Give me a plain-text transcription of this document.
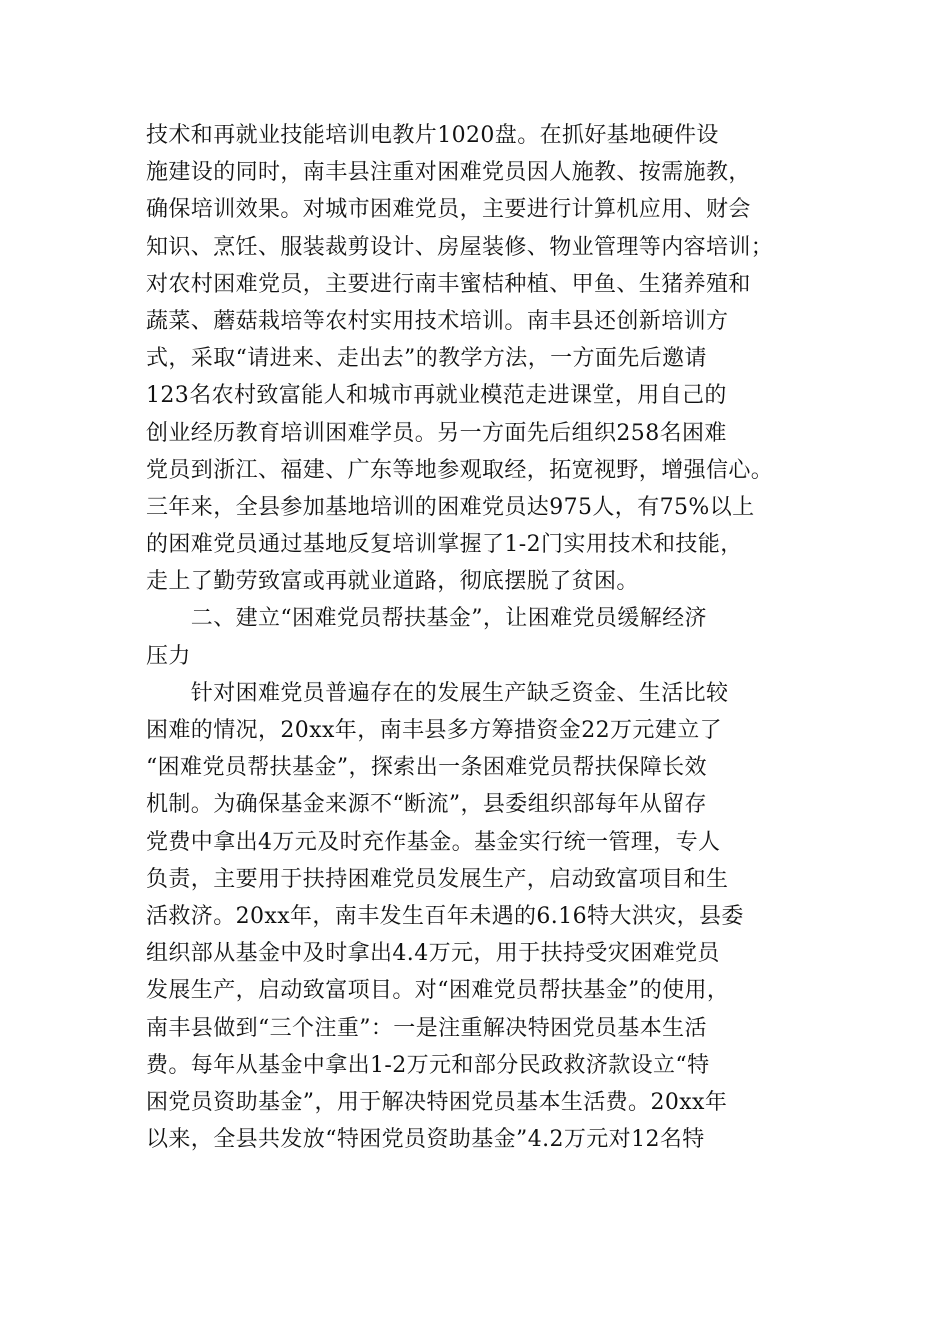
技术和再就业技能培训电教片1020盘。在抓好基地硬件设
施建设的同时，南丰县注重对困难党员因人施教、按需施教，
确保培训效果。对城市困难党员，主要进行计算机应用、财会
知识、烹饪、服装裁剪设计、房屋装修、物业管理等内容培训；
对农村困难党员，主要进行南丰蜜桔种植、甲鱼、生猪养殖和
蔬菜、蘑菇栽培等农村实用技术培训。南丰县还创新培训方
式，采取“请进来、走出去”的教学方法，一方面先后邀请
123名农村致富能人和城市再就业模范走进课堂，用自己的
创业经历教育培训困难学员。另一方面先后组织258名困难
党员到浙江、福建、广东等地参观取经，拓宽视野，增强信心。
三年来，全县参加基地培训的困难党员达975人，有75%以上
的困难党员通过基地反复培训掌握了1-2门实用技术和技能，
走上了勤劳致富或再就业道路，彻底摆脱了贫困。
　　二、建立“困难党员帮扶基金”，让困难党员缓解经济
压力
　　针对困难党员普遍存在的发展生产缺乏资金、生活比较
困难的情况，20xx年，南丰县多方筹措资金22万元建立了
“困难党员帮扶基金”，探索出一条困难党员帮扶保障长效
机制。为确保基金来源不“断流”，县委组织部每年从留存
党费中拿出4万元及时充作基金。基金实行统一管理，专人
负责，主要用于扶持困难党员发展生产，启动致富项目和生
活救济。20xx年，南丰发生百年未遇的6.16特大洪灾，县委
组织部从基金中及时拿出4.4万元，用于扶持受灾困难党员
发展生产，启动致富项目。对“困难党员帮扶基金”的使用，
南丰县做到“三个注重”：一是注重解决特困党员基本生活
费。每年从基金中拿出1-2万元和部分民政救济款设立“特
困党员资助基金”，用于解决特困党员基本生活费。20xx年
以来，全县共发放“特困党员资助基金”4.2万元对12名特
